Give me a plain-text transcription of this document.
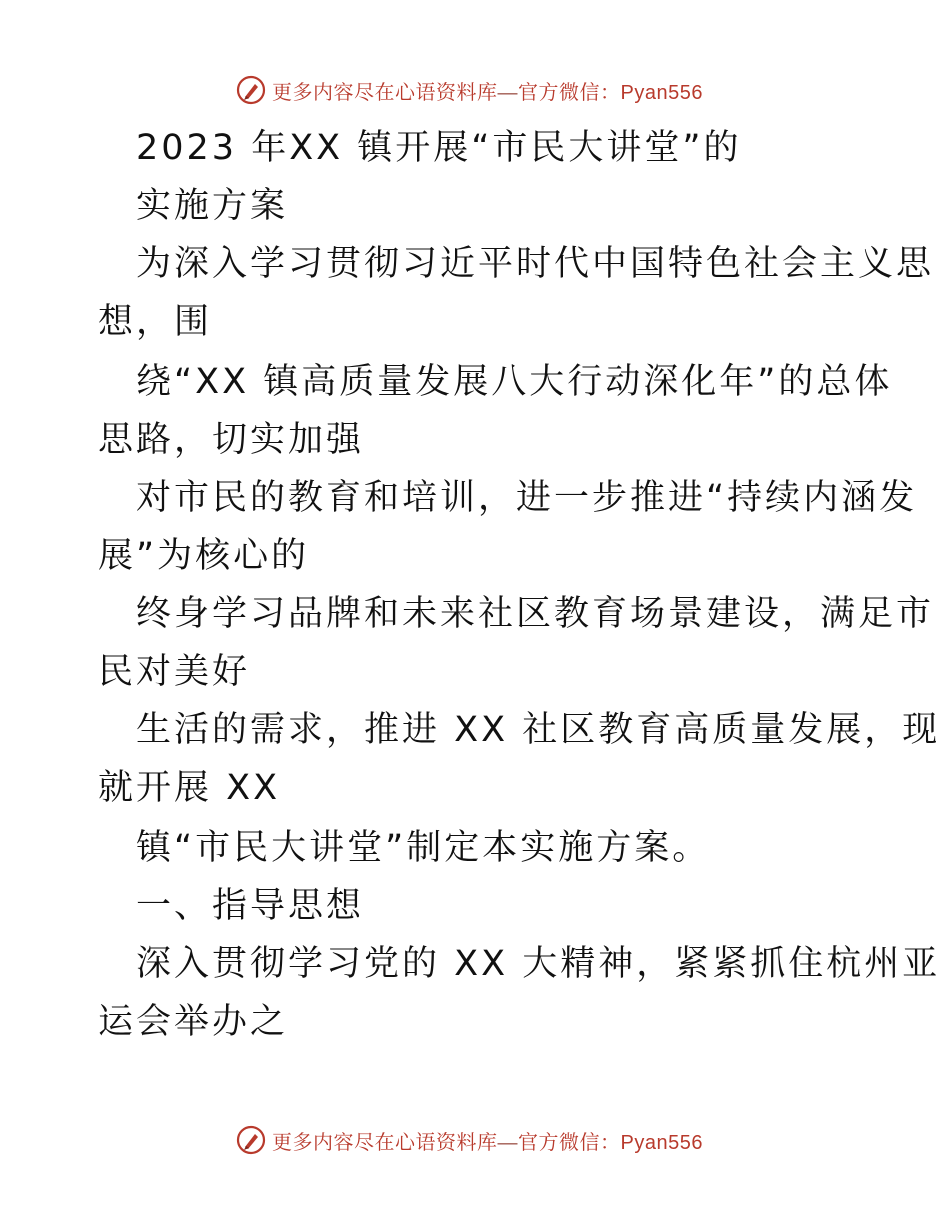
更多内容尽在心语资料库—官方微信：Pyan556
2023 年XX 镇开展“市民大讲堂”的
实施方案
为深入学习贯彻习近平时代中国特色社会主义思
想，围
绕“XX 镇高质量发展八大行动深化年”的总体
思路，切实加强
对市民的教育和培训，进一步推进“持续内涵发
展”为核心的
终身学习品牌和未来社区教育场景建设，满足市
民对美好
生活的需求，推进 XX 社区教育高质量发展，现
就开展 XX
镇“市民大讲堂”制定本实施方案。
一、指导思想
深入贯彻学习党的 XX 大精神，紧紧抓住杭州亚
运会举办之
更多内容尽在心语资料库—官方微信：Pyan556
